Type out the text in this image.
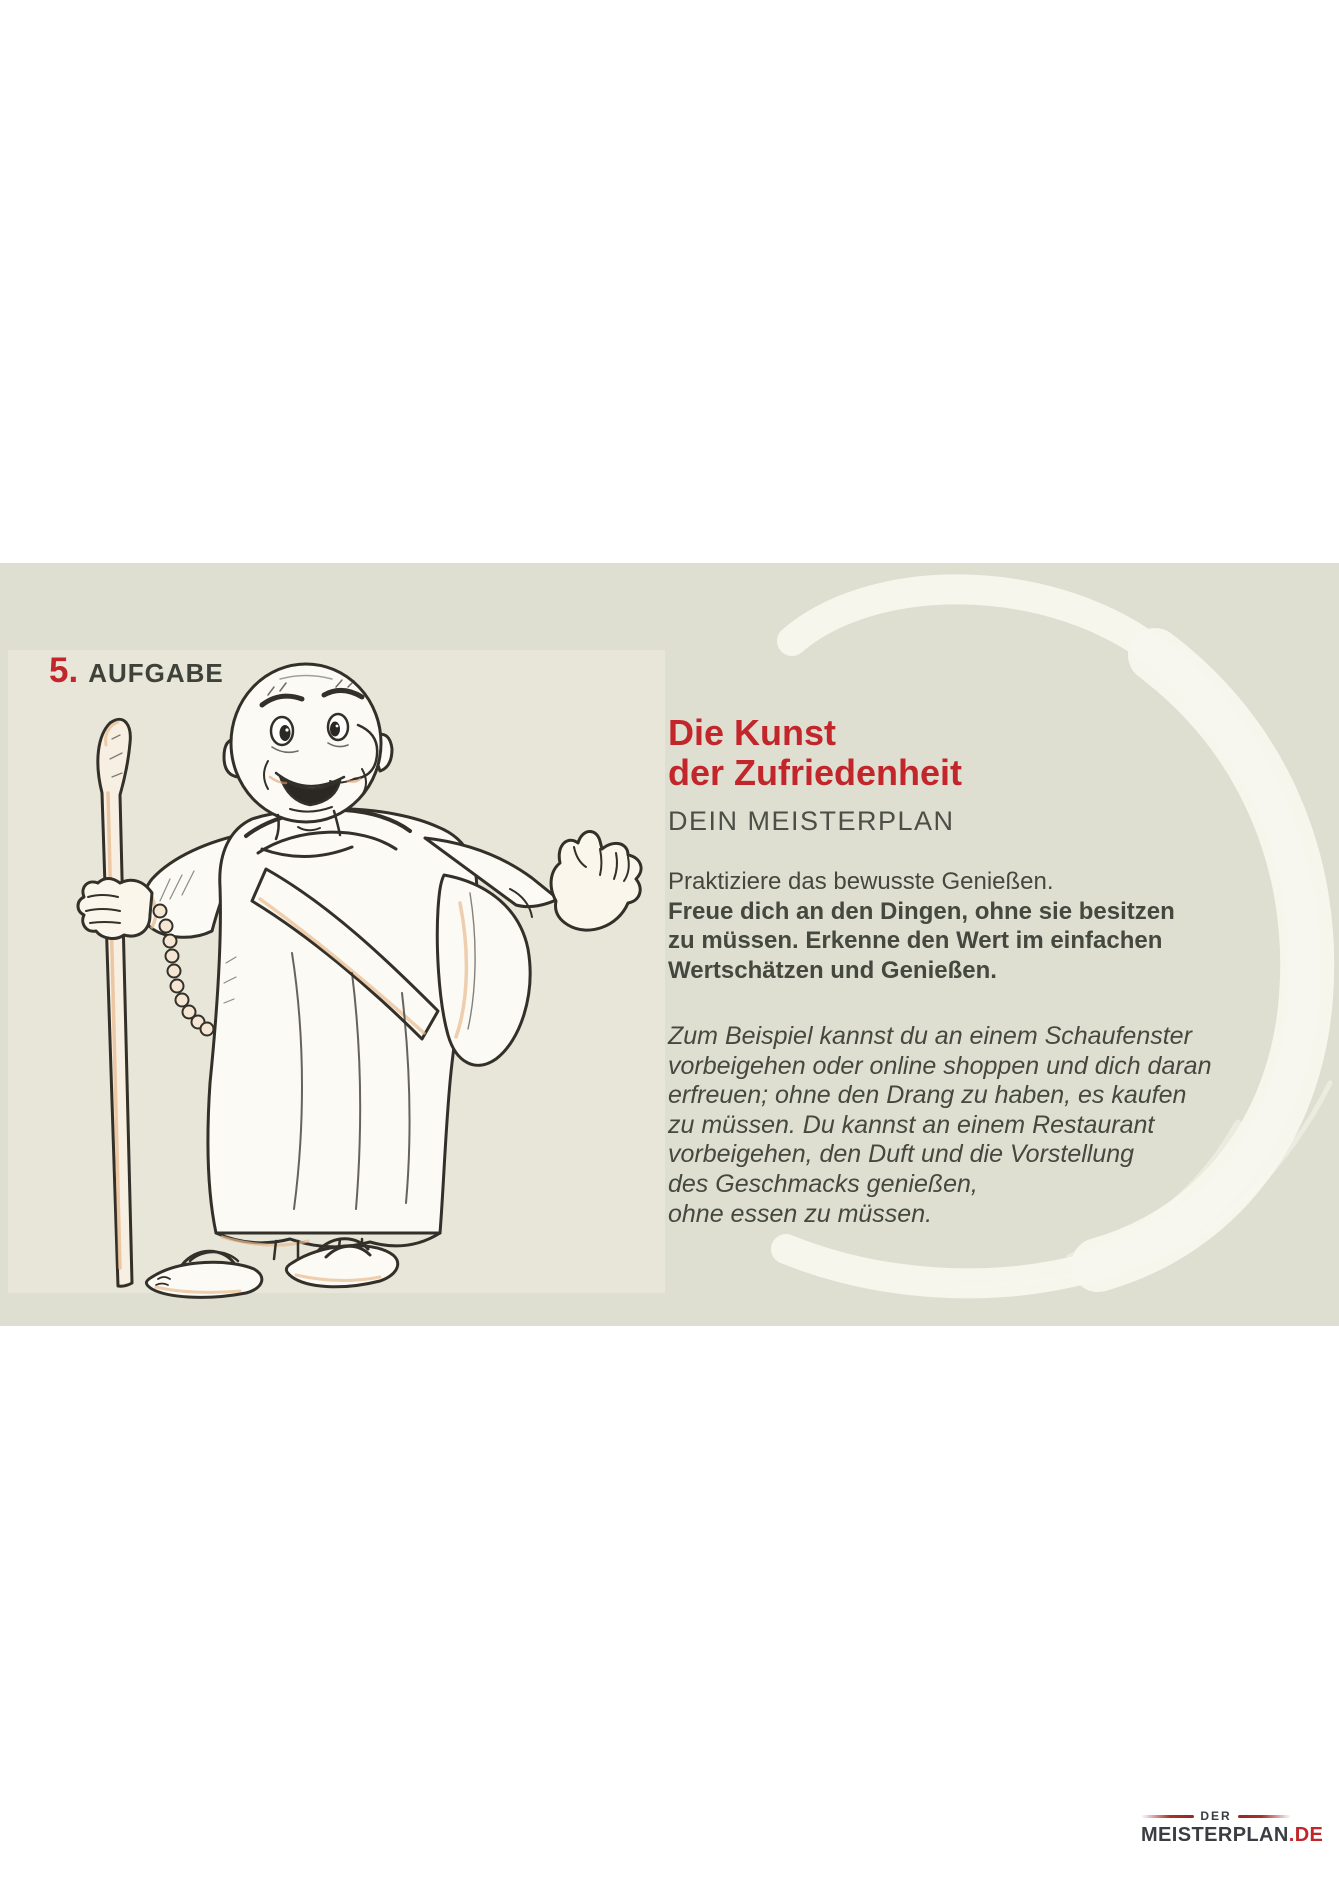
5. AUFGABE
Die Kunst
der Zufriedenheit
DEIN MEISTERPLAN
Praktiziere das bewusste Genießen.
Freue dich an den Dingen, ohne sie besitzen
zu müssen. Erkenne den Wert im einfachen
Wertschätzen und Genießen.
Zum Beispiel kannst du an einem Schaufenster
vorbeigehen oder online shoppen und dich daran
erfreuen; ohne den Drang zu haben, es kaufen
zu müssen. Du kannst an einem Restaurant
vorbeigehen, den Duft und die Vorstellung
des Geschmacks genießen,
ohne essen zu müssen.
DER
MEISTERPLAN.DE
